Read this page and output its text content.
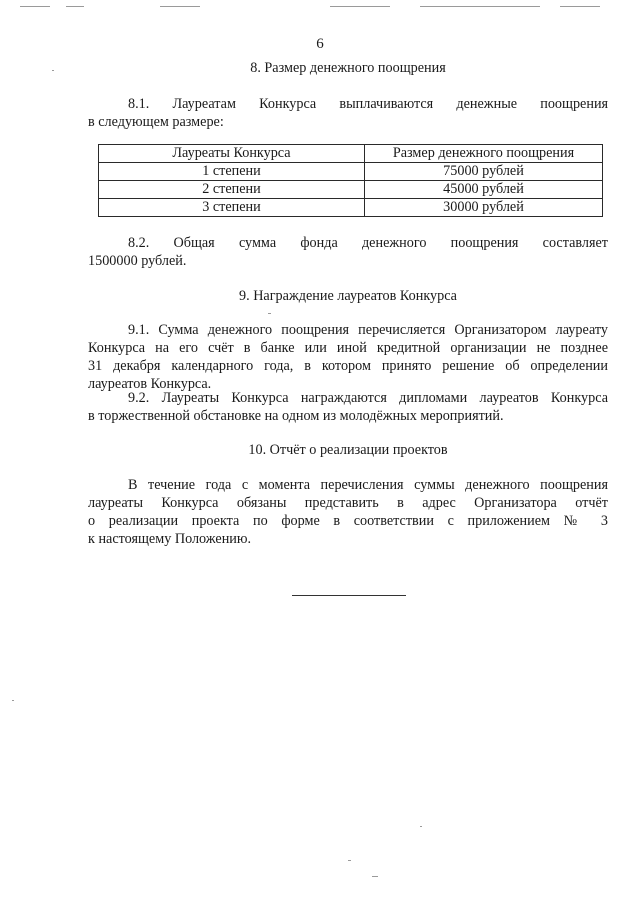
6
8. Размер денежного поощрения
8.1. Лауреатам Конкурса выплачиваются денежные поощрения
в следующем размере:
Лауреаты Конкурса	Размер денежного поощрения
1 степени	75000 рублей
2 степени	45000 рублей
3 степени	30000 рублей
8.2. Общая сумма фонда денежного поощрения составляет
1500000 рублей.
9. Награждение лауреатов Конкурса
9.1. Сумма денежного поощрения перечисляется Организатором лауреату
Конкурса на его счёт в банке или иной кредитной организации не позднее
31 декабря календарного года, в котором принято решение об определении
лауреатов Конкурса.
9.2. Лауреаты Конкурса награждаются дипломами лауреатов Конкурса
в торжественной обстановке на одном из молодёжных мероприятий.
10. Отчёт о реализации проектов
В течение года с момента перечисления суммы денежного поощрения
лауреаты Конкурса обязаны представить в адрес Организатора отчёт
о реализации проекта по форме в соответствии с приложением № 3
к настоящему Положению.
